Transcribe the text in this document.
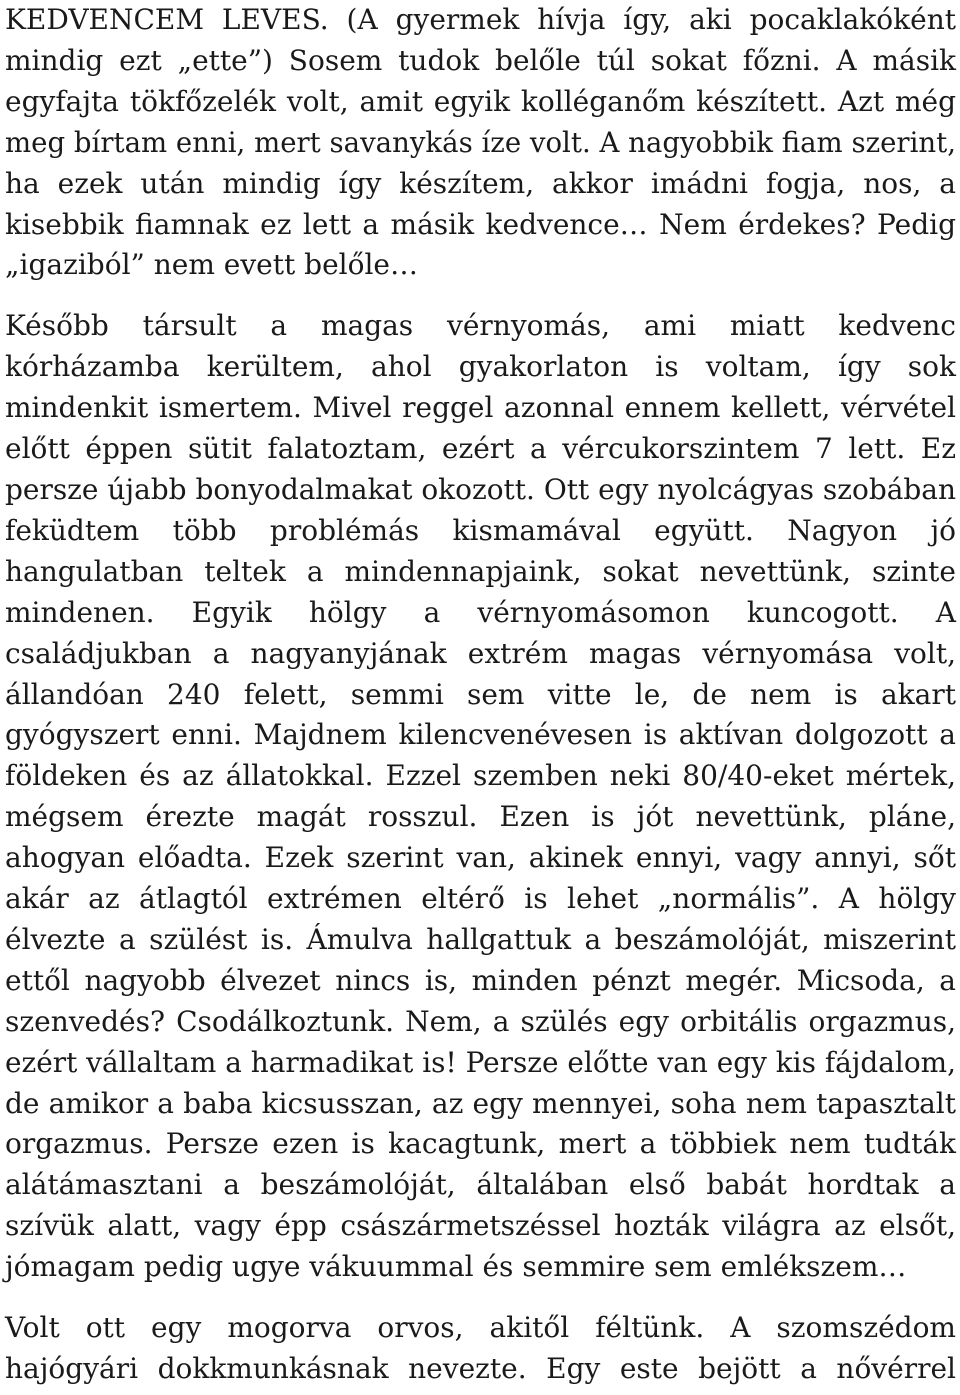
KEDVENCEM LEVES. (A gyermek hívja így, aki pocaklakóként
mindig ezt „ette”) Sosem tudok belőle túl sokat főzni. A másik
egyfajta tökfőzelék volt, amit egyik kolléganőm készített. Azt még
meg bírtam enni, mert savanykás íze volt. A nagyobbik fiam szerint,
ha ezek után mindig így készítem, akkor imádni fogja, nos, a
kisebbik fiamnak ez lett a másik kedvence… Nem érdekes? Pedig
„igaziból” nem evett belőle…
Később társult a magas vérnyomás, ami miatt kedvenc
kórházamba kerültem, ahol gyakorlaton is voltam, így sok
mindenkit ismertem. Mivel reggel azonnal ennem kellett, vérvétel
előtt éppen sütit falatoztam, ezért a vércukorszintem 7 lett. Ez
persze újabb bonyodalmakat okozott. Ott egy nyolcágyas szobában
feküdtem több problémás kismamával együtt. Nagyon jó
hangulatban teltek a mindennapjaink, sokat nevettünk, szinte
mindenen. Egyik hölgy a vérnyomásomon kuncogott. A
családjukban a nagyanyjának extrém magas vérnyomása volt,
állandóan 240 felett, semmi sem vitte le, de nem is akart
gyógyszert enni. Majdnem kilencvenévesen is aktívan dolgozott a
földeken és az állatokkal. Ezzel szemben neki 80/40-eket mértek,
mégsem érezte magát rosszul. Ezen is jót nevettünk, pláne,
ahogyan előadta. Ezek szerint van, akinek ennyi, vagy annyi, sőt
akár az átlagtól extrémen eltérő is lehet „normális”. A hölgy
élvezte a szülést is. Ámulva hallgattuk a beszámolóját, miszerint
ettől nagyobb élvezet nincs is, minden pénzt megér. Micsoda, a
szenvedés? Csodálkoztunk. Nem, a szülés egy orbitális orgazmus,
ezért vállaltam a harmadikat is! Persze előtte van egy kis fájdalom,
de amikor a baba kicsusszan, az egy mennyei, soha nem tapasztalt
orgazmus. Persze ezen is kacagtunk, mert a többiek nem tudták
alátámasztani a beszámolóját, általában első babát hordtak a
szívük alatt, vagy épp császármetszéssel hozták világra az elsőt,
jómagam pedig ugye vákuummal és semmire sem emlékszem…
Volt ott egy mogorva orvos, akitől féltünk. A szomszédom
hajógyári dokkmunkásnak nevezte. Egy este bejött a nővérrel
